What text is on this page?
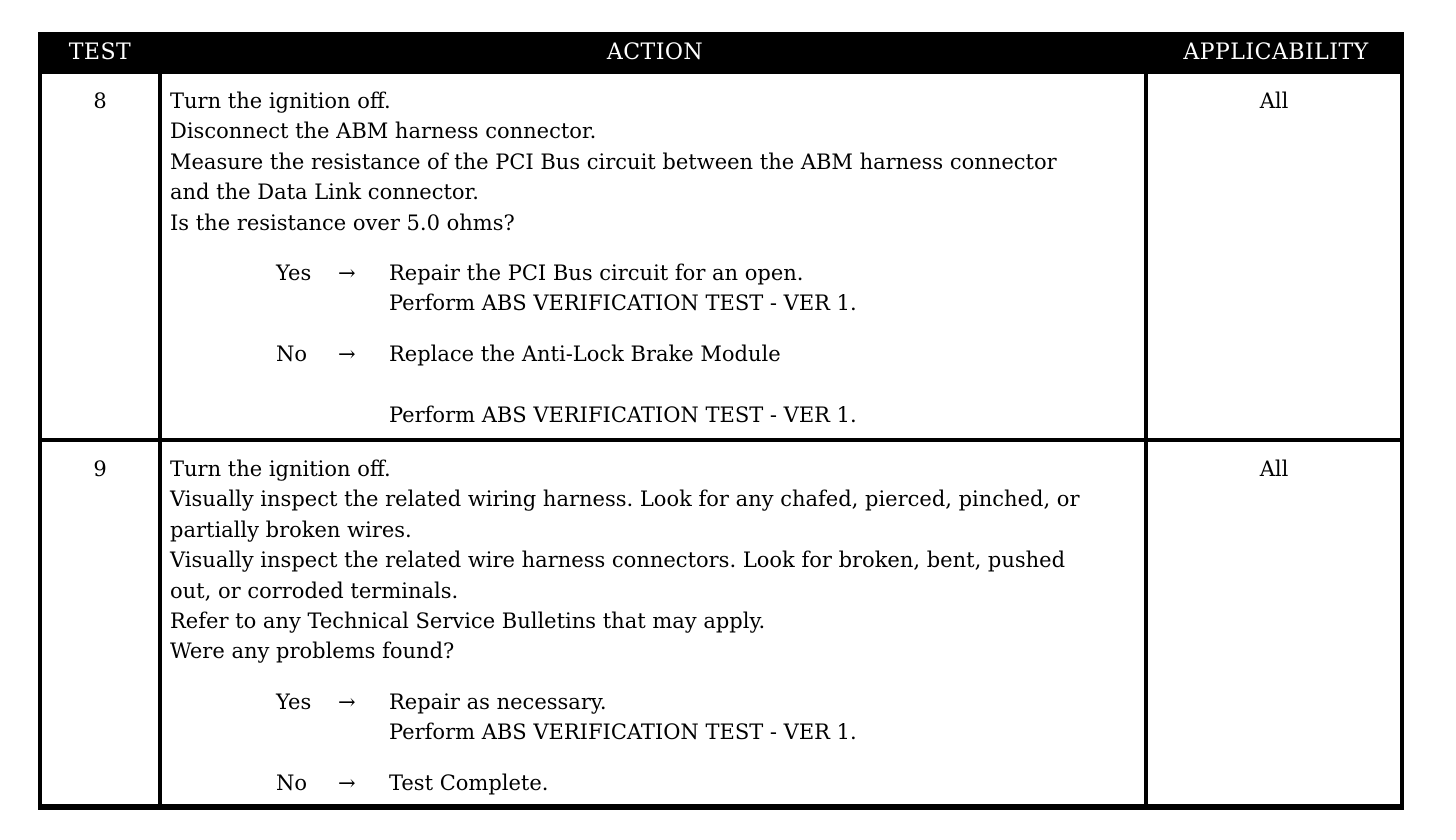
TEST	ACTION	APPLICABILITY
8	Turn the ignition off.
Disconnect the ABM harness connector.
Measure the resistance of the PCI Bus circuit between the ABM harness connector
and the Data Link connector.
Is the resistance over 5.0 ohms?
Yes → Repair the PCI Bus circuit for an open.
Perform ABS VERIFICATION TEST - VER 1.
No → Replace the Anti-Lock Brake Module
Perform ABS VERIFICATION TEST - VER 1.
All
9	Turn the ignition off.
Visually inspect the related wiring harness. Look for any chafed, pierced, pinched, or
partially broken wires.
Visually inspect the related wire harness connectors. Look for broken, bent, pushed
out, or corroded terminals.
Refer to any Technical Service Bulletins that may apply.
Were any problems found?
Yes → Repair as necessary.
Perform ABS VERIFICATION TEST - VER 1.
No → Test Complete.
All
